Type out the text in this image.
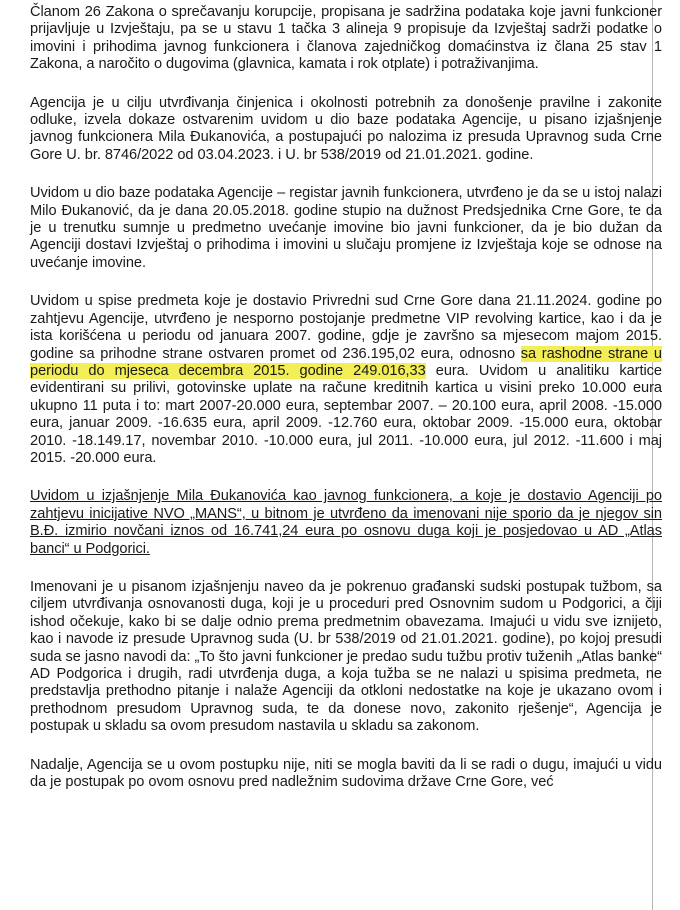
Članom 26 Zakona o sprečavanju korupcije, propisana je sadržina podataka koje javni funkcioner prijavljuje u Izvještaju, pa se u stavu 1 tačka 3 alineja 9 propisuje da Izvještaj sadrži podatke o imovini i prihodima javnog funkcionera i članova zajedničkog domaćinstva iz člana 25 stav 1 Zakona, a naročito o dugovima (glavnica, kamata i rok otplate) i potraživanjima.

Agencija je u cilju utvrđivanja činjenica i okolnosti potrebnih za donošenje pravilne i zakonite odluke, izvela dokaze ostvarenim uvidom u dio baze podataka Agencije, u pisano izjašnjenje javnog funkcionera Mila Đukanovića, a postupajući po nalozima iz presuda Upravnog suda Crne Gore U. br. 8746/2022 od 03.04.2023. i U. br 538/2019 od 21.01.2021. godine.

Uvidom u dio baze podataka Agencije – registar javnih funkcionera, utvrđeno je da se u istoj nalazi Milo Đukanović, da je dana 20.05.2018. godine stupio na dužnost Predsjednika Crne Gore, te da je u trenutku sumnje u predmetno uvećanje imovine bio javni funkcioner, da je bio dužan da Agenciji dostavi Izvještaj o prihodima i imovini u slučaju promjene iz Izvještaja koje se odnose na uvećanje imovine.

Uvidom u spise predmeta koje je dostavio Privredni sud Crne Gore dana 21.11.2024. godine po zahtjevu Agencije, utvrđeno je nesporno postojanje predmetne VIP revolving kartice, kao i da je ista korišćena u periodu od januara 2007. godine, gdje je završno sa mjesecom majom 2015. godine sa prihodne strane ostvaren promet od 236.195,02 eura, odnosno sa rashodne strane u periodu do mjeseca decembra 2015. godine 249.016,33 eura. Uvidom u analitiku kartice evidentirani su prilivi, gotovinske uplate na račune kreditnih kartica u visini preko 10.000 eura ukupno 11 puta i to: mart 2007-20.000 eura, septembar 2007. – 20.100 eura, april 2008. -15.000 eura, januar 2009. -16.635 eura, april 2009. -12.760 eura, oktobar 2009. -15.000 eura, oktobar 2010. -18.149.17, novembar 2010. -10.000 eura, jul 2011. -10.000 eura, jul 2012. -11.600 i maj 2015. -20.000 eura.

Uvidom u izjašnjenje Mila Đukanovića kao javnog funkcionera, a koje je dostavio Agenciji po zahtjevu inicijative NVO „MANS“, u bitnom je utvrđeno da imenovani nije sporio da je njegov sin B.Đ. izmirio novčani iznos od 16.741,24 eura po osnovu duga koji je posjedovao u AD „Atlas banci“ u Podgorici.

Imenovani je u pisanom izjašnjenju naveo da je pokrenuo građanski sudski postupak tužbom, sa ciljem utvrđivanja osnovanosti duga, koji je u proceduri pred Osnovnim sudom u Podgorici, a čiji ishod očekuje, kako bi se dalje odnio prema predmetnim obavezama. Imajući u vidu sve iznijeto, kao i navode iz presude Upravnog suda (U. br 538/2019 od 21.01.2021. godine), po kojoj presudi suda se jasno navodi da: „To što javni funkcioner je predao sudu tužbu protiv tuženih „Atlas banke“ AD Podgorica i drugih, radi utvrđenja duga, a koja tužba se ne nalazi u spisima predmeta, ne predstavlja prethodno pitanje i nalaže Agenciji da otkloni nedostatke na koje je ukazano ovom i prethodnom presudom Upravnog suda, te da donese novo, zakonito rješenje“, Agencija je postupak u skladu sa ovom presudom nastavila u skladu sa zakonom.

Nadalje, Agencija se u ovom postupku nije, niti se mogla baviti da li se radi o dugu, imajući u vidu da je postupak po ovom osnovu pred nadležnim sudovima države Crne Gore, već
